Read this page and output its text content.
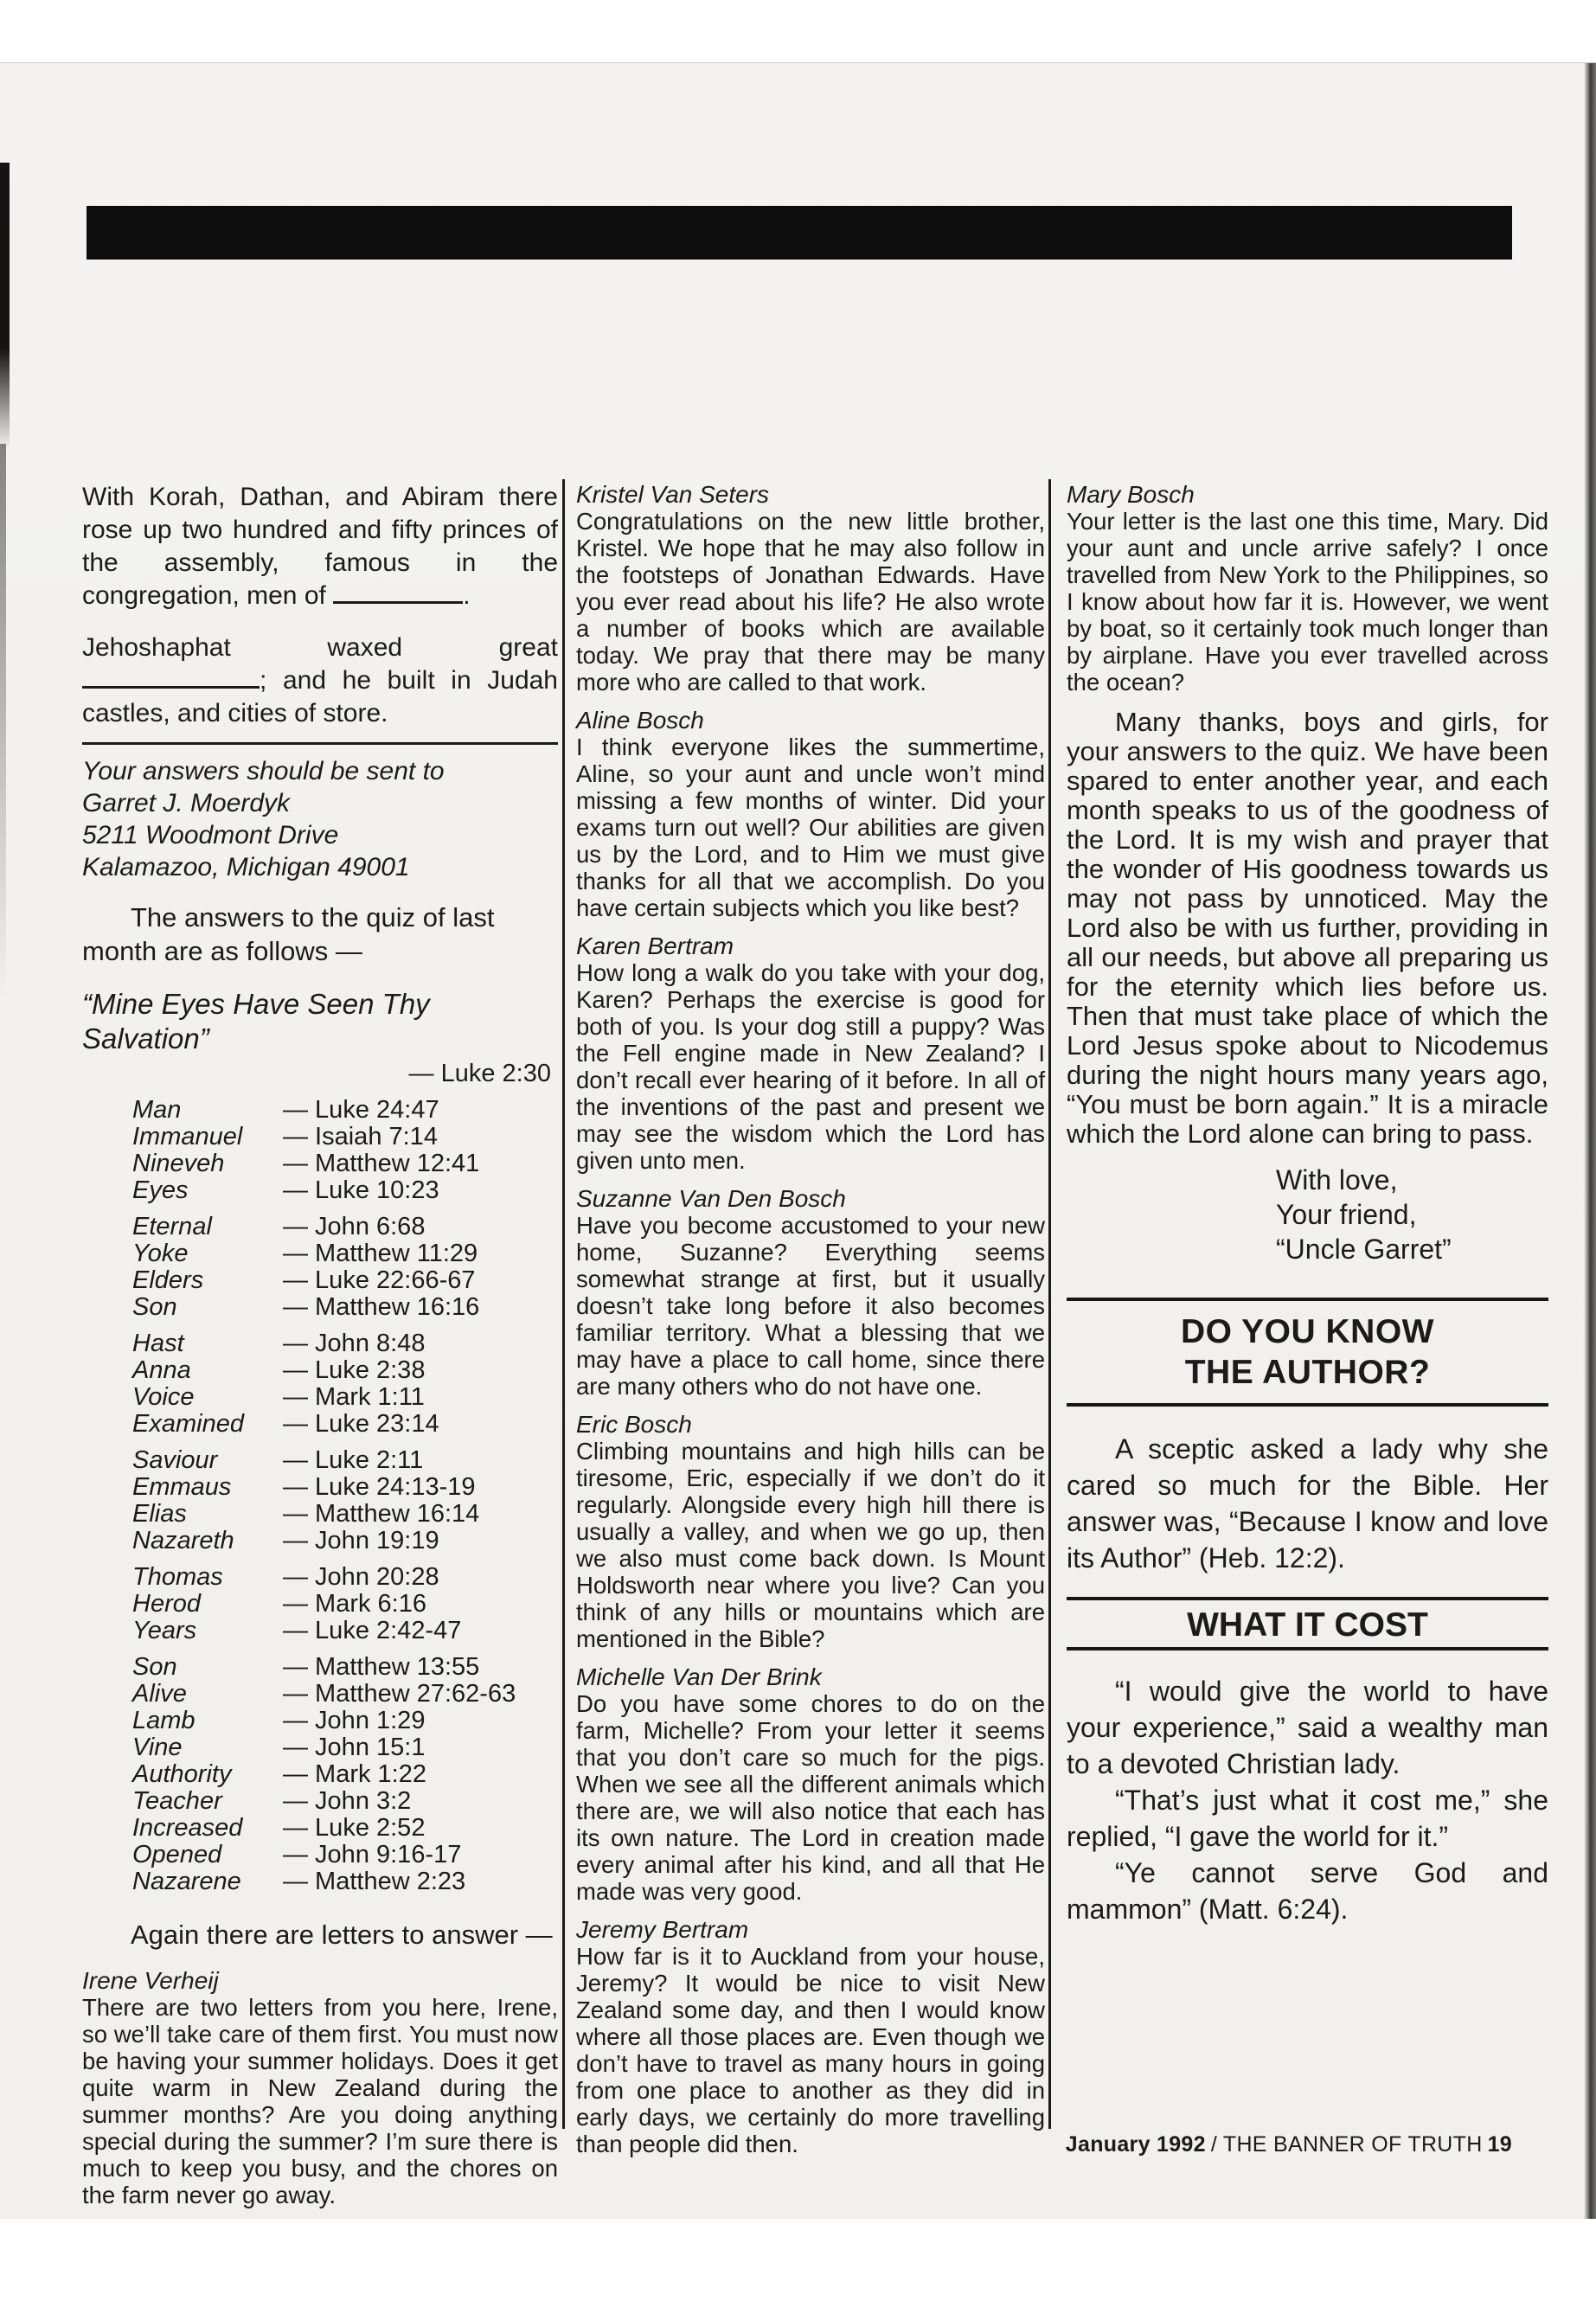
With Korah, Dathan, and Abiram there rose up two hundred and fifty princes of the assembly, famous in the congregation, men of	.

Jehoshaphat waxed great ; and he built in Judah castles, and cities of store.

Your answers should be sent to
Garret J. Moerdyk
5211 Woodmont Drive
Kalamazoo, Michigan 49001

The answers to the quiz of last month are as follows —

“Mine Eyes Have Seen Thy Salvation”
— Luke 2:30
Man	— Luke 24:47
Immanuel	— Isaiah 7:14
Nineveh	— Matthew 12:41
Eyes	— Luke 10:23
Eternal	— John 6:68
Yoke	— Matthew 11:29
Elders	— Luke 22:66-67
Son	— Matthew 16:16
Hast	— John 8:48
Anna	— Luke 2:38
Voice	— Mark 1:11
Examined	— Luke 23:14
Saviour	— Luke 2:11
Emmaus	— Luke 24:13-19
Elias	— Matthew 16:14
Nazareth	— John 19:19
Thomas	— John 20:28
Herod	— Mark 6:16
Years	— Luke 2:42-47
Son	— Matthew 13:55
Alive	— Matthew 27:62-63
Lamb	— John 1:29
Vine	— John 15:1
Authority	— Mark 1:22
Teacher	— John 3:2
Increased	— Luke 2:52
Opened	— John 9:16-17
Nazarene	— Matthew 2:23

Again there are letters to answer —

Irene Verheij

There are two letters from you here, Irene, so we’ll take care of them first. You must now be having your summer holidays. Does it get quite warm in New Zealand during the summer months? Are you doing anything special during the summer? I’m sure there is much to keep you busy, and the chores on the farm never go away.

Kristel Van Seters

Congratulations on the new little brother, Kristel. We hope that he may also follow in the footsteps of Jonathan Edwards. Have you ever read about his life? He also wrote a number of books which are available today. We pray that there may be many more who are called to that work.

Aline Bosch

I think everyone likes the summertime, Aline, so your aunt and uncle won’t mind missing a few months of winter. Did your exams turn out well? Our abilities are given us by the Lord, and to Him we must give thanks for all that we accomplish. Do you have certain subjects which you like best?

Karen Bertram

How long a walk do you take with your dog, Karen? Perhaps the exercise is good for both of you. Is your dog still a puppy? Was the Fell engine made in New Zealand? I don’t recall ever hearing of it before. In all of the inventions of the past and present we may see the wisdom which the Lord has given unto men.

Suzanne Van Den Bosch

Have you become accustomed to your new home, Suzanne? Everything seems somewhat strange at first, but it usually doesn’t take long before it also becomes familiar territory. What a blessing that we may have a place to call home, since there are many others who do not have one.

Eric Bosch

Climbing mountains and high hills can be tiresome, Eric, especially if we don’t do it regularly. Alongside every high hill there is usually a valley, and when we go up, then we also must come back down. Is Mount Holdsworth near where you live? Can you think of any hills or mountains which are mentioned in the Bible?

Michelle Van Der Brink

Do you have some chores to do on the farm, Michelle? From your letter it seems that you don’t care so much for the pigs. When we see all the different animals which there are, we will also notice that each has its own nature. The Lord in creation made every animal after his kind, and all that He made was very good.

Jeremy Bertram

How far is it to Auckland from your house, Jeremy? It would be nice to visit New Zealand some day, and then I would know where all those places are. Even though we don’t have to travel as many hours in going from one place to another as they did in early days, we certainly do more travelling than people did then.

Mary Bosch

Your letter is the last one this time, Mary. Did your aunt and uncle arrive safely? I once travelled from New York to the Philippines, so I know about how far it is. However, we went by boat, so it certainly took much longer than by airplane. Have you ever travelled across the ocean?

Many thanks, boys and girls, for your answers to the quiz. We have been spared to enter another year, and each month speaks to us of the goodness of the Lord. It is my wish and prayer that the wonder of His goodness towards us may not pass by unnoticed. May the Lord also be with us further, providing in all our needs, but above all preparing us for the eternity which lies before us. Then that must take place of which the Lord Jesus spoke about to Nicodemus during the night hours many years ago, “You must be born again.” It is a miracle which the Lord alone can bring to pass.

With love,
Your friend,
“Uncle Garret”
DO YOU KNOW
THE AUTHOR?

A sceptic asked a lady why she cared so much for the Bible. Her answer was, “Because I know and love its Author” (Heb. 12:2).

WHAT IT COST

“I would give the world to have your experience,” said a wealthy man to a devoted Christian lady.

“That’s just what it cost me,” she replied, “I gave the world for it.”

“Ye cannot serve God and mammon” (Matt. 6:24).

January 1992 / THE BANNER OF TRUTH 19
